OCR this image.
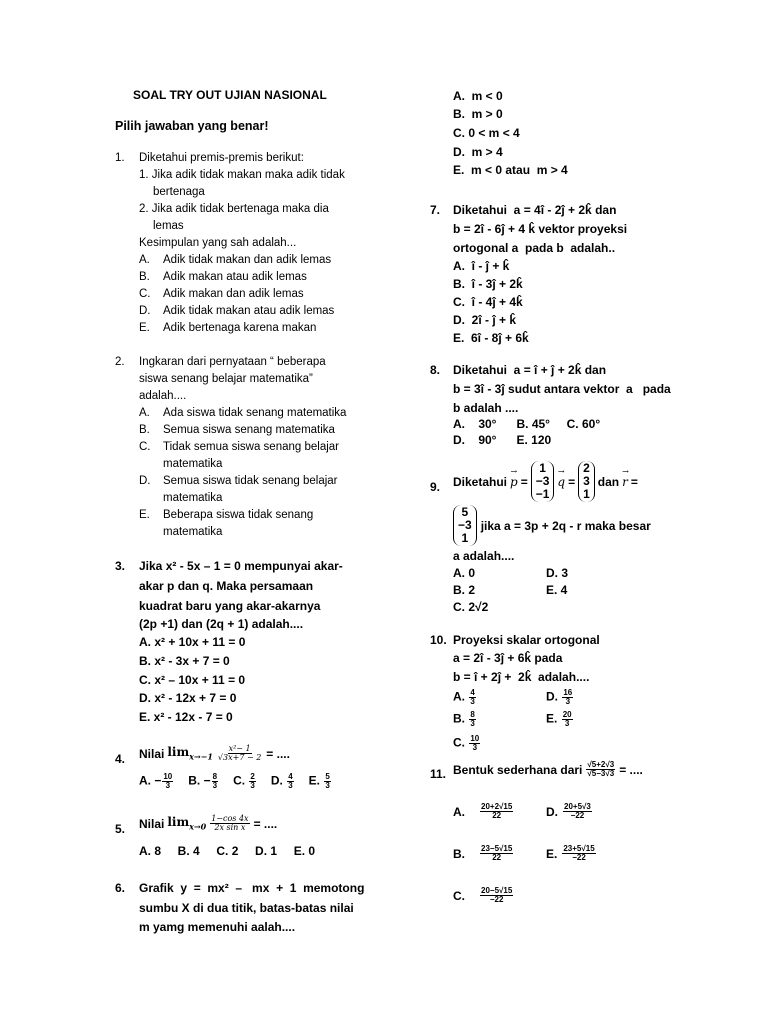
SOAL TRY OUT UJIAN NASIONAL
Pilih jawaban yang benar!
1. Diketahui premis-premis berikut:
1. Jika adik tidak makan maka adik tidak
bertenaga
2. Jika adik tidak bertenaga maka dia
lemas
Kesimpulan yang sah adalah...
A. Adik tidak makan dan adik lemas
B. Adik makan atau adik lemas
C. Adik makan dan adik lemas
D. Adik tidak makan atau adik lemas
E. Adik bertenaga karena makan
2. Ingkaran dari pernyataan “ beberapa
siswa senang belajar matematika”
adalah....
A. Ada siswa tidak senang matematika
B. Semua siswa senang matematika
C. Tidak semua siswa senang belajar
matematika
D. Semua siswa tidak senang belajar
matematika
E. Beberapa siswa tidak senang
matematika
3. Jika x² - 5x – 1 = 0 mempunyai akar-
akar p dan q. Maka persamaan
kuadrat baru yang akar-akarnya
(2p +1) dan (2q + 1) adalah....
A. x² + 10x + 11 = 0
B. x² - 3x + 7 = 0
C. x² – 10x + 11 = 0
D. x² - 12x + 7 = 0
E. x² - 12x - 7 = 0
4. Nilai $\lim_{x\to-1} \frac{\text{x²− 1}}{√3x+7 - 2}$ = ....
A. − $\frac{10}{3} B$. − $\frac{8}{3} C$. $\frac{2}{3} D$. $\frac{4}{3} E$. $\frac{5}{3}$
5. Nilai $\lim_{x\to 0} \frac{1-\cos 4x}{\text{2x sin x}}$ = ....
A. 8     B. 4     C. 2     D. 1     E. 0
6. Grafik  y  =  mx²  –   mx  +  1  memotong
sumbu X di dua titik, batas-batas nilai
m yamg memenuhi aalah....
A.  m < 0
B.  m > 0
C. 0 < m < 4
D.  m > 4
E.  m < 0 atau  m > 4
7. Diketahui  a = 4î - 2ĵ + 2k̂ dan
b = 2î - 6ĵ + 4 k̂ vektor proyeksi
ortogonal a  pada b  adalah..
A.  î - ĵ + k̂
B.  î - 3ĵ + 2k̂
C.  î - 4ĵ + 4k̂
D.  2î - ĵ + k̂
E.  6î - 8ĵ + 6k̂
8. Diketahui  a = î + ĵ + 2k̂ dan
b = 3î - 3ĵ sudut antara vektor  a   pada
b adalah ....
A.    30°      B. 45°     C. 60°
D.    90°      E. 120
9. Diketahui → p =
1
−3
−1
→ q =
2
3
1
dan → r =
5
−3
1
jika a = 3p + 2q - r maka besar
a adalah....
A. 0	D. 3
B. 2	E. 4
C. 2√2
10. Proyeksi skalar ortogonal
a = 2î - 3ĵ + 6k̂ pada
b = î + 2ĵ +  2k̂  adalah....
A. $\frac{4}{3}$	D. $\frac{16}{3}$
B. $\frac{8}{3}$	E. $\frac{20}{3}$
C. $\frac{10}{3}$
11. Bentuk sederhana dari $\frac{√5+2√3}{√5-3√3}$ = ....
A. $\frac{20+2√15}{22}$	D. $\frac{20+5√3}{-22}$
B. $\frac{23-5√15}{22}$	E. $\frac{23+5√15}{-22}$
C. $\frac{20-5√15}{-22}$
